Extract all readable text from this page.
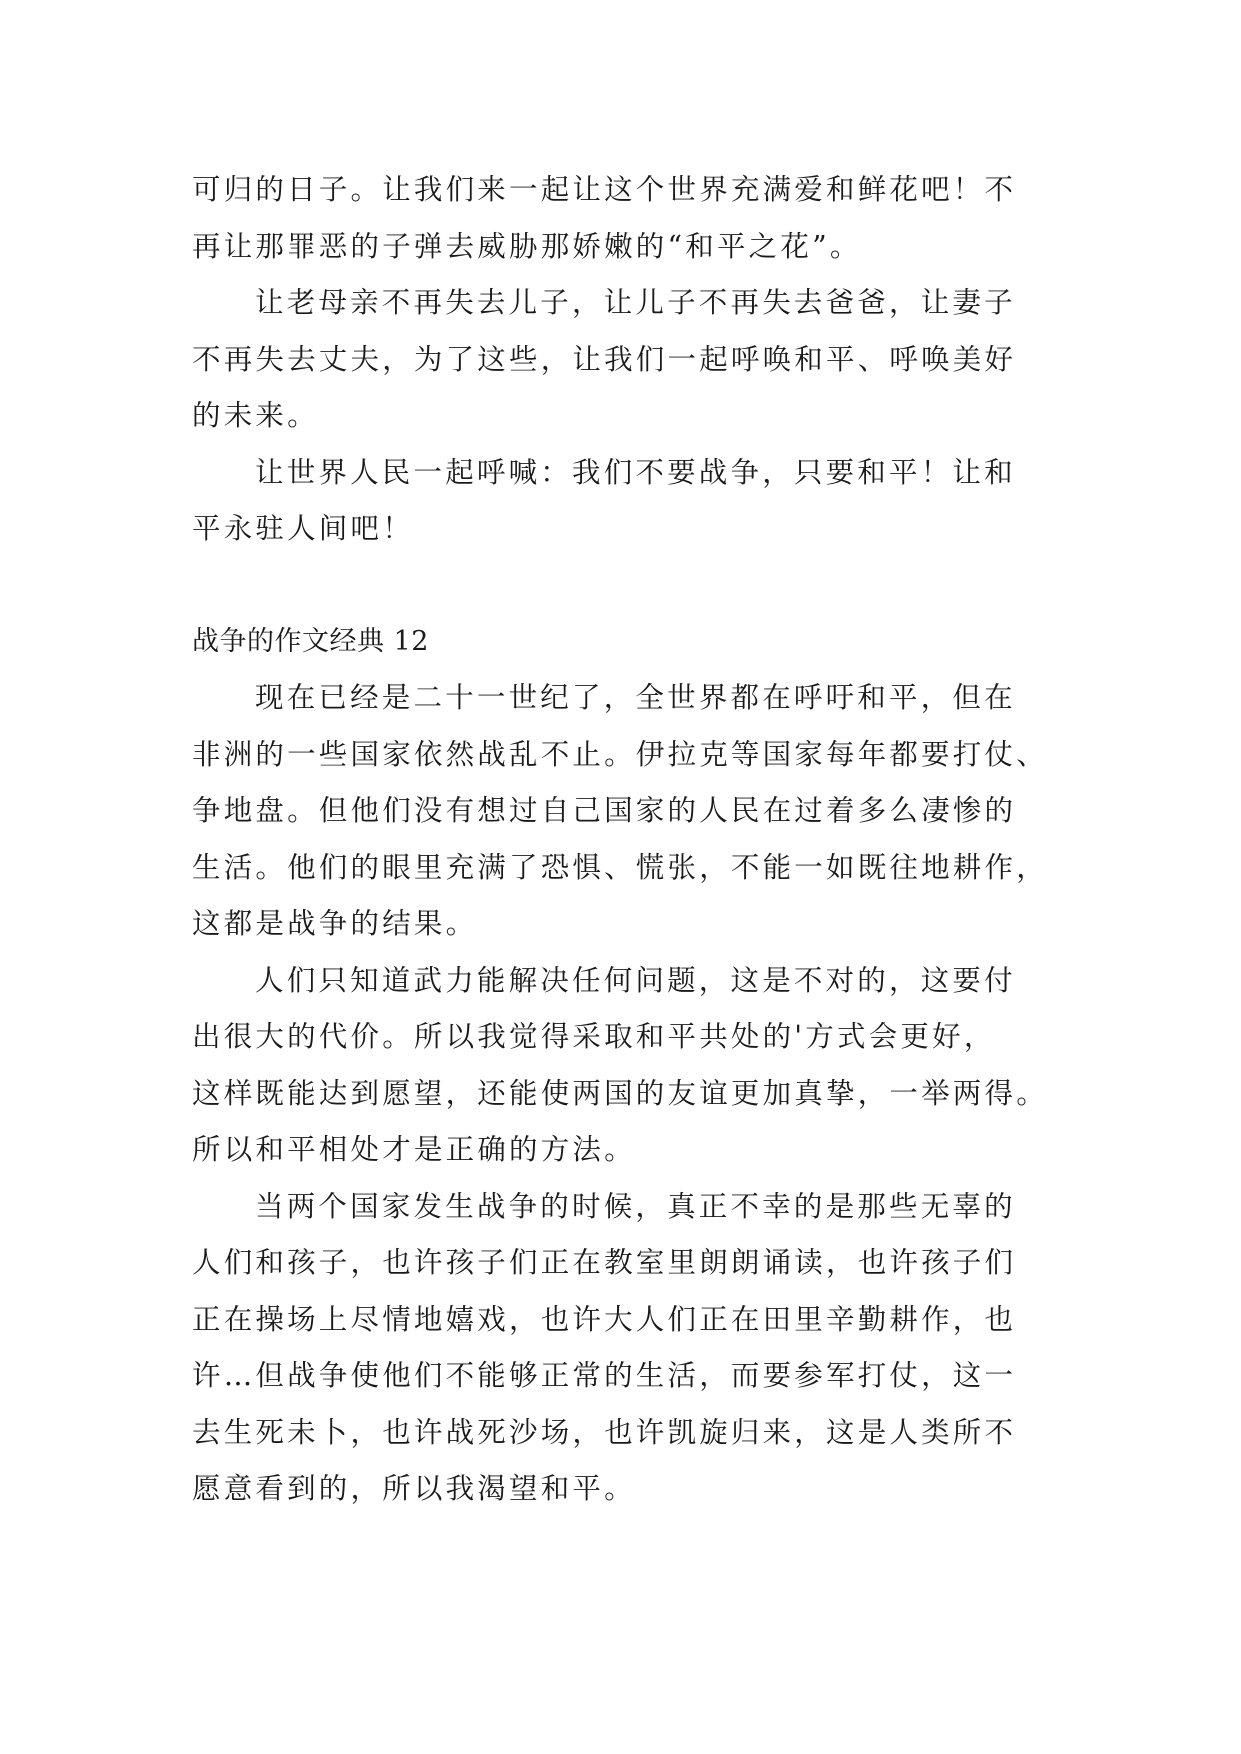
可归的日子。让我们来一起让这个世界充满爱和鲜花吧！不
再让那罪恶的子弹去威胁那娇嫩的“和平之花”。

让老母亲不再失去儿子，让儿子不再失去爸爸，让妻子
不再失去丈夫，为了这些，让我们一起呼唤和平、呼唤美好
的未来。

让世界人民一起呼喊：我们不要战争，只要和平！让和
平永驻人间吧！

战争的作文经典 12

现在已经是二十一世纪了，全世界都在呼吁和平，但在
非洲的一些国家依然战乱不止。伊拉克等国家每年都要打仗、
争地盘。但他们没有想过自己国家的人民在过着多么凄惨的
生活。他们的眼里充满了恐惧、慌张，不能一如既往地耕作，
这都是战争的结果。

人们只知道武力能解决任何问题，这是不对的，这要付
出很大的代价。所以我觉得采取和平共处的'方式会更好，
这样既能达到愿望，还能使两国的友谊更加真挚，一举两得。
所以和平相处才是正确的方法。

当两个国家发生战争的时候，真正不幸的是那些无辜的
人们和孩子，也许孩子们正在教室里朗朗诵读，也许孩子们
正在操场上尽情地嬉戏，也许大人们正在田里辛勤耕作，也
许…但战争使他们不能够正常的生活，而要参军打仗，这一
去生死未卜，也许战死沙场，也许凯旋归来，这是人类所不
愿意看到的，所以我渴望和平。
